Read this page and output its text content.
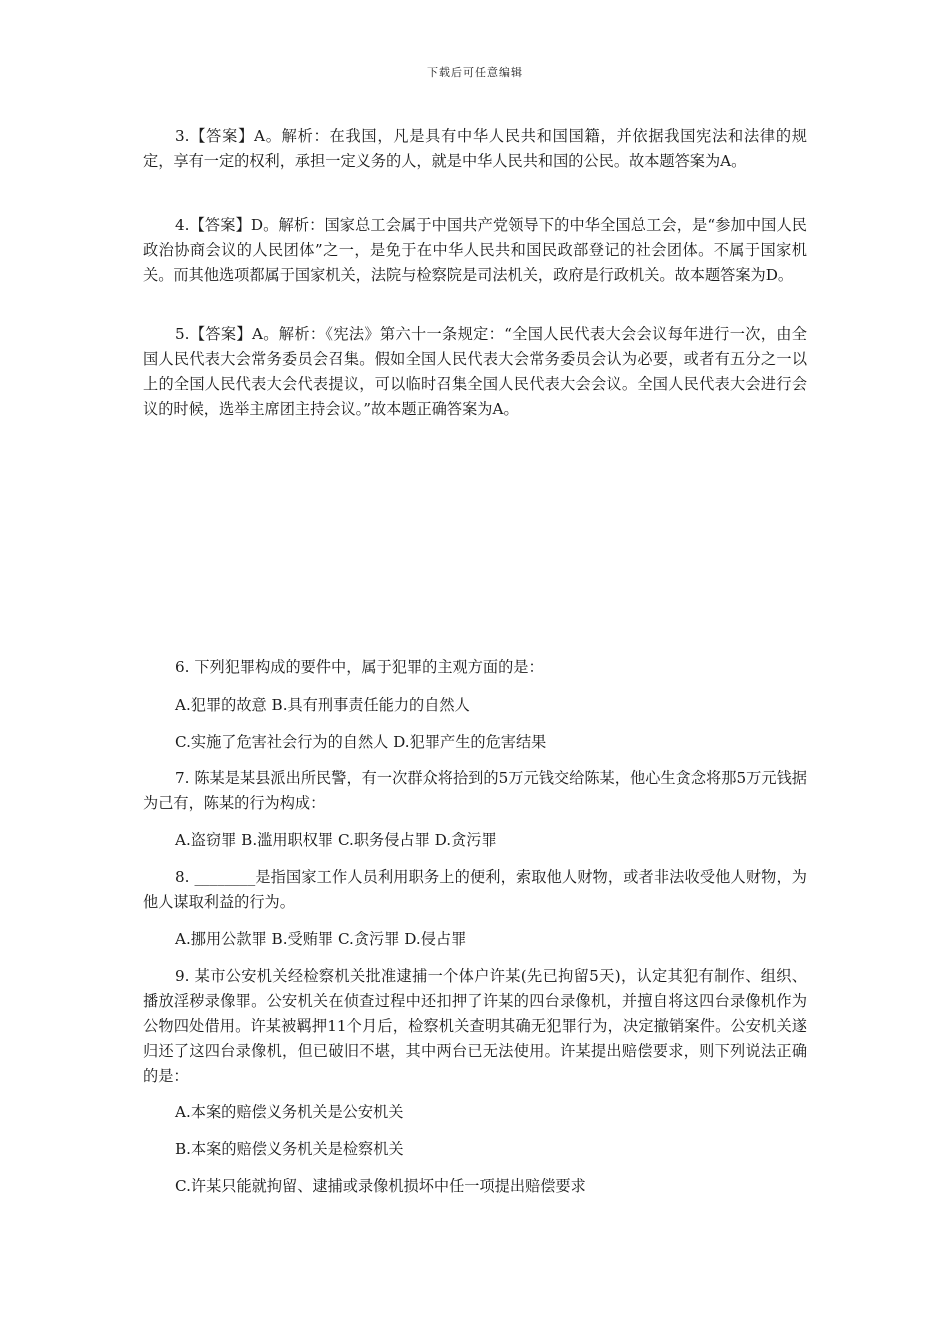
下载后可任意编辑

3.【答案】A。解析：在我国，凡是具有中华人民共和国国籍，并依据我国宪法和法律的规定，享有一定的权利，承担一定义务的人，就是中华人民共和国的公民。故本题答案为A。

4.【答案】D。解析：国家总工会属于中国共产党领导下的中华全国总工会，是“参加中国人民政治协商会议的人民团体”之一，是免于在中华人民共和国民政部登记的社会团体。不属于国家机关。而其他选项都属于国家机关，法院与检察院是司法机关，政府是行政机关。故本题答案为D。

5.【答案】A。解析：《宪法》第六十一条规定：“全国人民代表大会会议每年进行一次，由全国人民代表大会常务委员会召集。假如全国人民代表大会常务委员会认为必要，或者有五分之一以上的全国人民代表大会代表提议，可以临时召集全国人民代表大会会议。全国人民代表大会进行会议的时候，选举主席团主持会议。”故本题正确答案为A。

6. 下列犯罪构成的要件中，属于犯罪的主观方面的是：

A.犯罪的故意 B.具有刑事责任能力的自然人

C.实施了危害社会行为的自然人 D.犯罪产生的危害结果

7. 陈某是某县派出所民警，有一次群众将拾到的5万元钱交给陈某，他心生贪念将那5万元钱据为己有，陈某的行为构成：

A.盗窃罪 B.滥用职权罪 C.职务侵占罪 D.贪污罪

8. ________是指国家工作人员利用职务上的便利，索取他人财物，或者非法收受他人财物，为他人谋取利益的行为。

A.挪用公款罪 B.受贿罪 C.贪污罪 D.侵占罪

9. 某市公安机关经检察机关批准逮捕一个体户许某(先已拘留5天)，认定其犯有制作、组织、播放淫秽录像罪。公安机关在侦查过程中还扣押了许某的四台录像机，并擅自将这四台录像机作为公物四处借用。许某被羁押11个月后，检察机关查明其确无犯罪行为，决定撤销案件。公安机关遂归还了这四台录像机，但已破旧不堪，其中两台已无法使用。许某提出赔偿要求，则下列说法正确的是：

A.本案的赔偿义务机关是公安机关

B.本案的赔偿义务机关是检察机关

C.许某只能就拘留、逮捕或录像机损坏中任一项提出赔偿要求
